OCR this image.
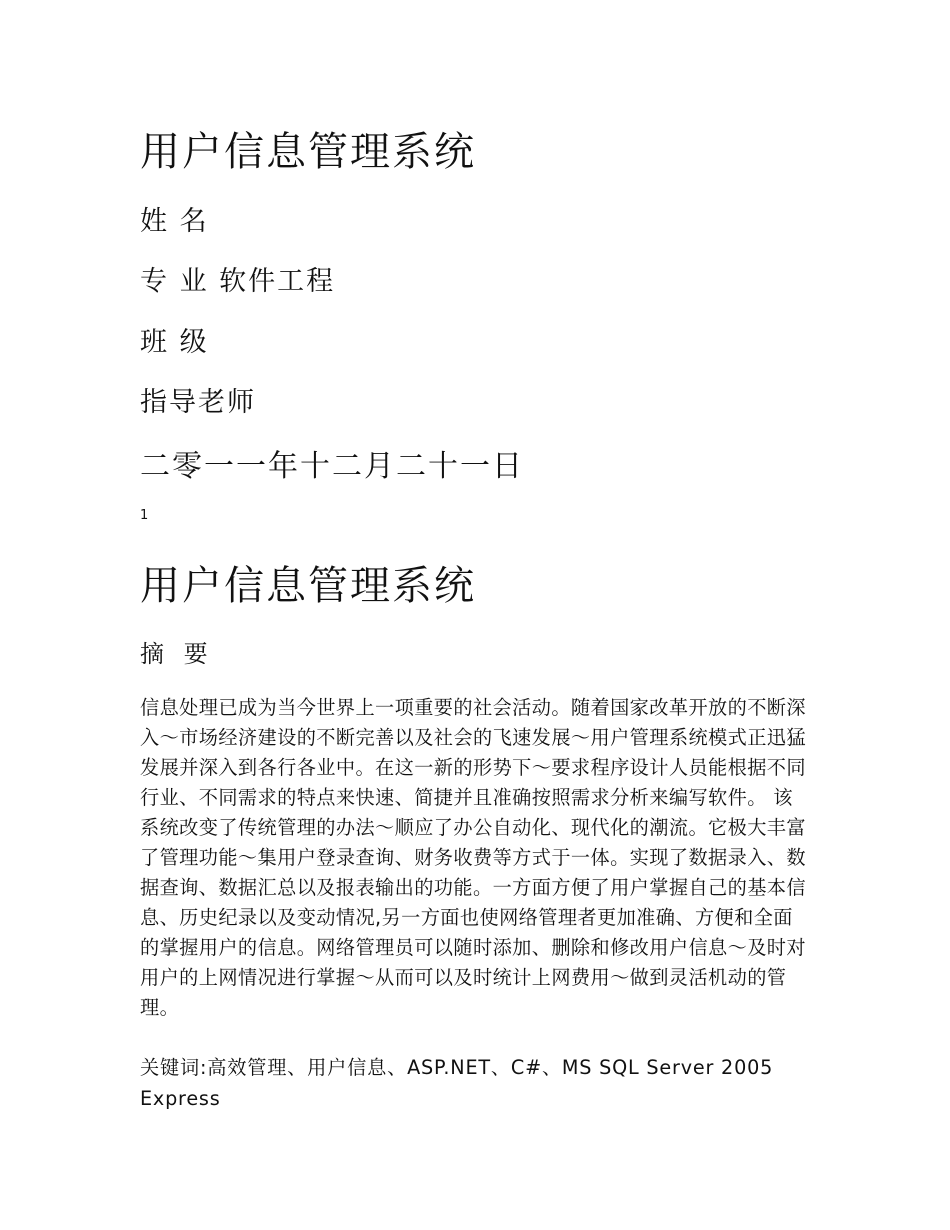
用户信息管理系统

姓 名

专 业 软件工程

班 级

指导老师

二零一一年十二月二十一日

1
用户信息管理系统
摘 要

信息处理已成为当今世界上一项重要的社会活动。随着国家改革开放的不断深入～市场经济建设的不断完善以及社会的飞速发展～用户管理系统模式正迅猛发展并深入到各行各业中。在这一新的形势下～要求程序设计人员能根据不同行业、不同需求的特点来快速、简捷并且准确按照需求分析来编写软件。 该系统改变了传统管理的办法～顺应了办公自动化、现代化的潮流。它极大丰富了管理功能～集用户登录查询、财务收费等方式于一体。实现了数据录入、数据查询、数据汇总以及报表输出的功能。一方面方便了用户掌握自己的基本信息、历史纪录以及变动情况,另一方面也使网络管理者更加准确、方便和全面的掌握用户的信息。网络管理员可以随时添加、删除和修改用户信息～及时对用户的上网情况进行掌握～从而可以及时统计上网费用～做到灵活机动的管理。

关键词:高效管理、用户信息、ASP.NET、C#、MS SQL Server 2005 Express
